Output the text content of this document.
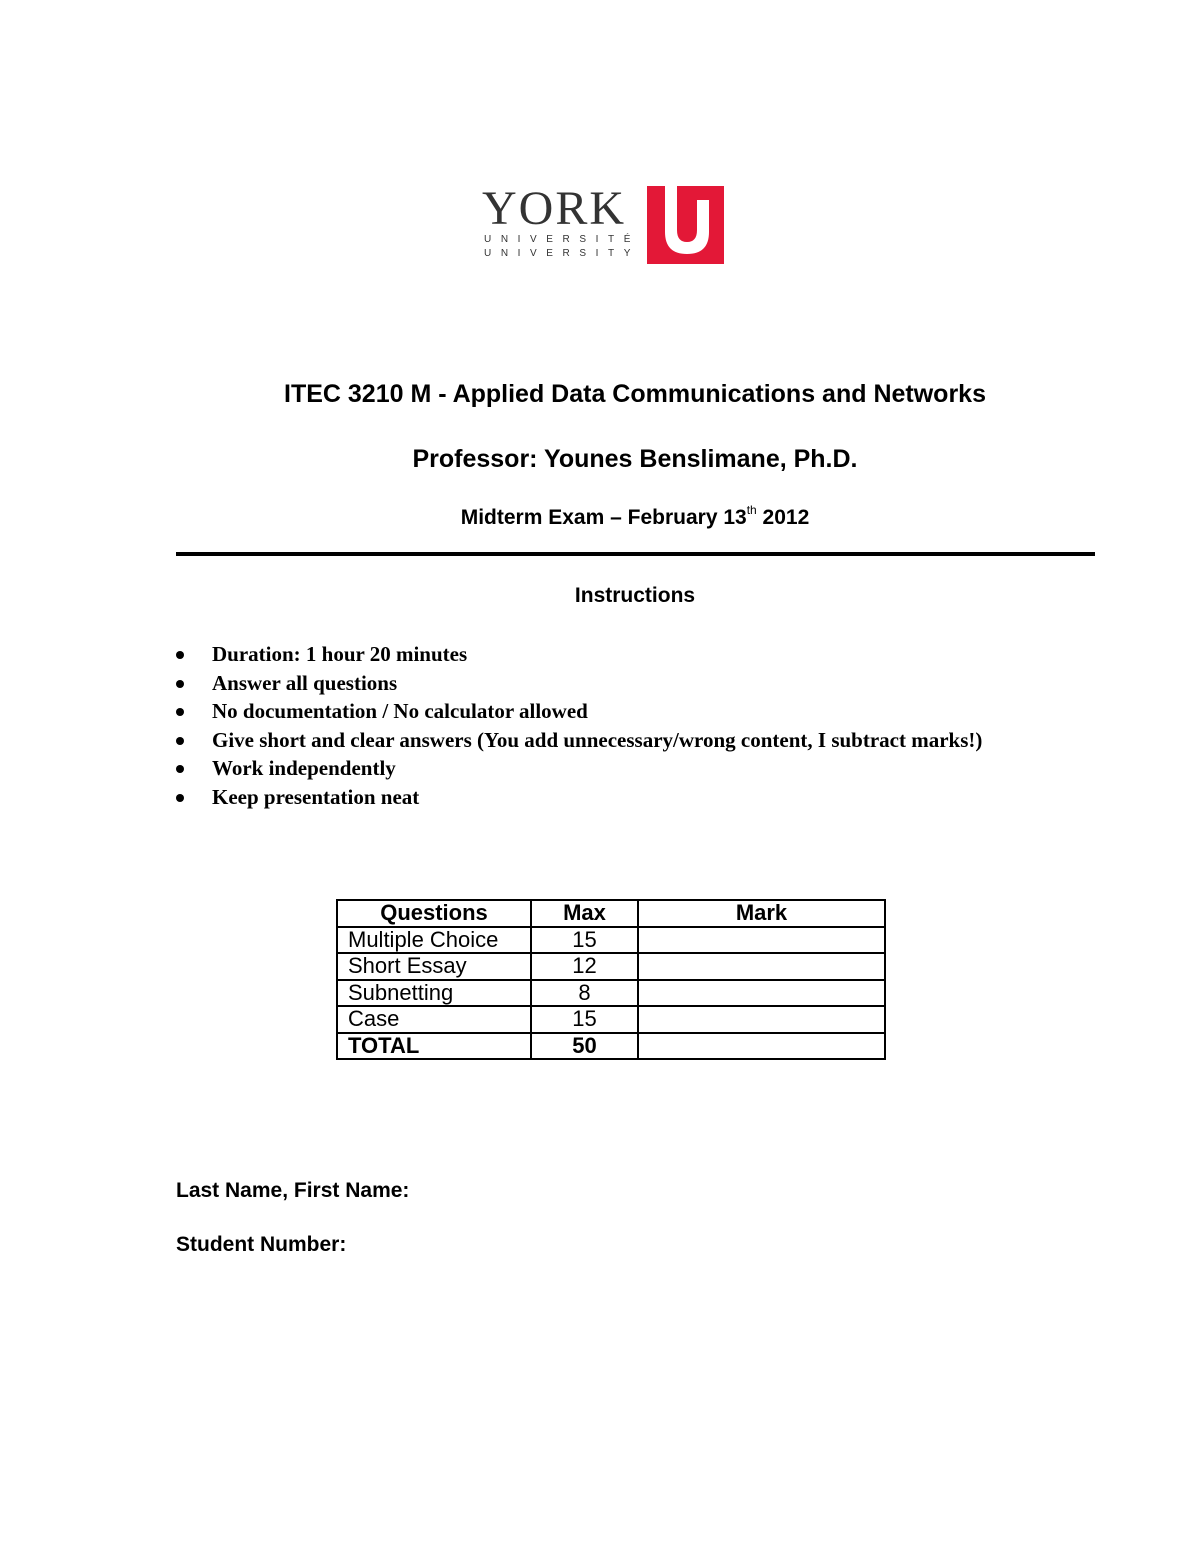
YORK
UNIVERSITÉ
UNIVERSITY
ITEC 3210 M - Applied Data Communications and Networks
Professor: Younes Benslimane, Ph.D.
Midterm Exam – February 13th 2012
Instructions
Duration: 1 hour 20 minutes
Answer all questions
No documentation / No calculator allowed
Give short and clear answers (You add unnecessary/wrong content, I subtract marks!)
Work independently
Keep presentation neat
Questions	Max	Mark
Multiple Choice	15	
Short Essay	12	
Subnetting	8	
Case	15	
TOTAL	50	
Last Name, First Name:
Student Number:
